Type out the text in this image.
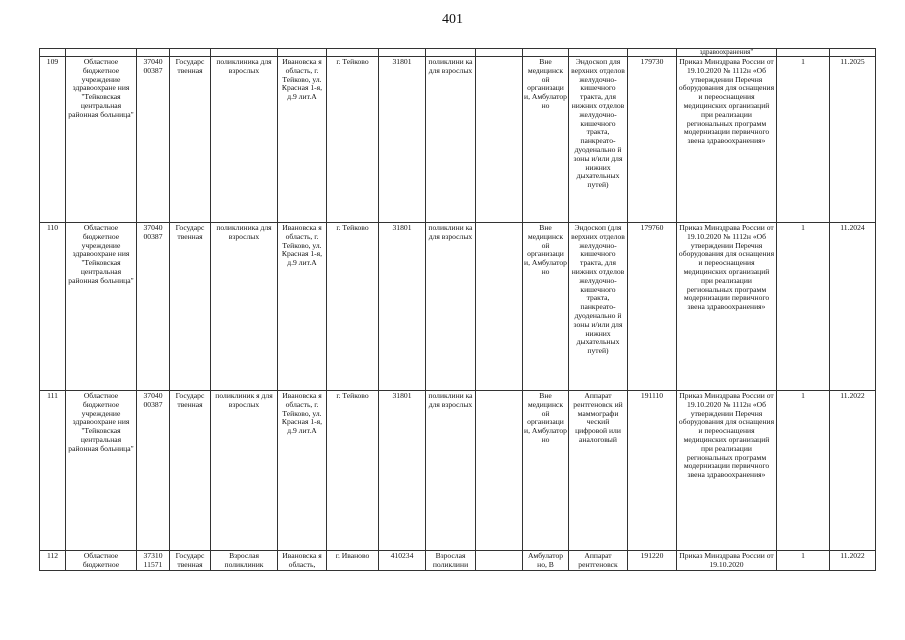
401
													здравоохранения"		
109	Областное бюджетное учреждение здравоохране ния "Тейковская центральная районная больница"	37040 00387	Государс твенная	поликлиника для взрослых	Ивановска я область, г. Тейково, ул. Красная 1-я, д.9 лит.А	г. Тейково	31801	поликлини ка для взрослых		Вне медицинск ой организаци и, Амбулатор но	Эндоскоп для верхних отделов желудочно- кишечного тракта, для нижних отделов желудочно- кишечного тракта, панкреато- дуоденально й зоны и/или для нижних дыхательных путей)	179730	Приказ Минздрава России от 19.10.2020 № 1112н «Об утверждении Перечня оборудования для оснащения и переоснащения медицинских организаций при реализации региональных программ модернизации первичного звена здравоохранения»	1	11.2025
110	Областное бюджетное учреждение здравоохране ния "Тейковская центральная районная больница"	37040 00387	Государс твенная	поликлиника для взрослых	Ивановска я область, г. Тейково, ул. Красная 1-я, д.9 лит.А	г. Тейково	31801	поликлини ка для взрослых		Вне медицинск ой организаци и, Амбулатор но	Эндоскоп (для верхних отделов желудочно- кишечного тракта, для нижних отделов желудочно- кишечного тракта, панкреато- дуоденально й зоны и/или для нижних дыхательных путей)	179760	Приказ Минздрава России от 19.10.2020 № 1112н «Об утверждении Перечня оборудования для оснащения и переоснащения медицинских организаций при реализации региональных программ модернизации первичного звена здравоохранения»	1	11.2024
111	Областное бюджетное учреждение здравоохране ния "Тейковская центральная районная больница"	37040 00387	Государс твенная	поликлиник я для взрослых	Ивановска я область, г. Тейково, ул. Красная 1-я, д.9 лит.А	г. Тейково	31801	поликлини ка для взрослых		Вне медицинск ой организаци и, Амбулатор но	Аппарат рентгеновск ий маммографи ческий цифровой или аналоговый	191110	Приказ Минздрава России от 19.10.2020 № 1112н «Об утверждении Перечня оборудования для оснащения и переоснащения медицинских организаций при реализации региональных программ модернизации первичного звена здравоохранения»	1	11.2022
112	Областное бюджетное	37310 11571	Государс твенная	Взрослая поликлиник	Ивановска я область,	г. Иваново	410234	Взрослая поликлини		Амбулатор но, В	Аппарат рентгеновск	191220	Приказ Минздрава России от 19.10.2020	1	11.2022
